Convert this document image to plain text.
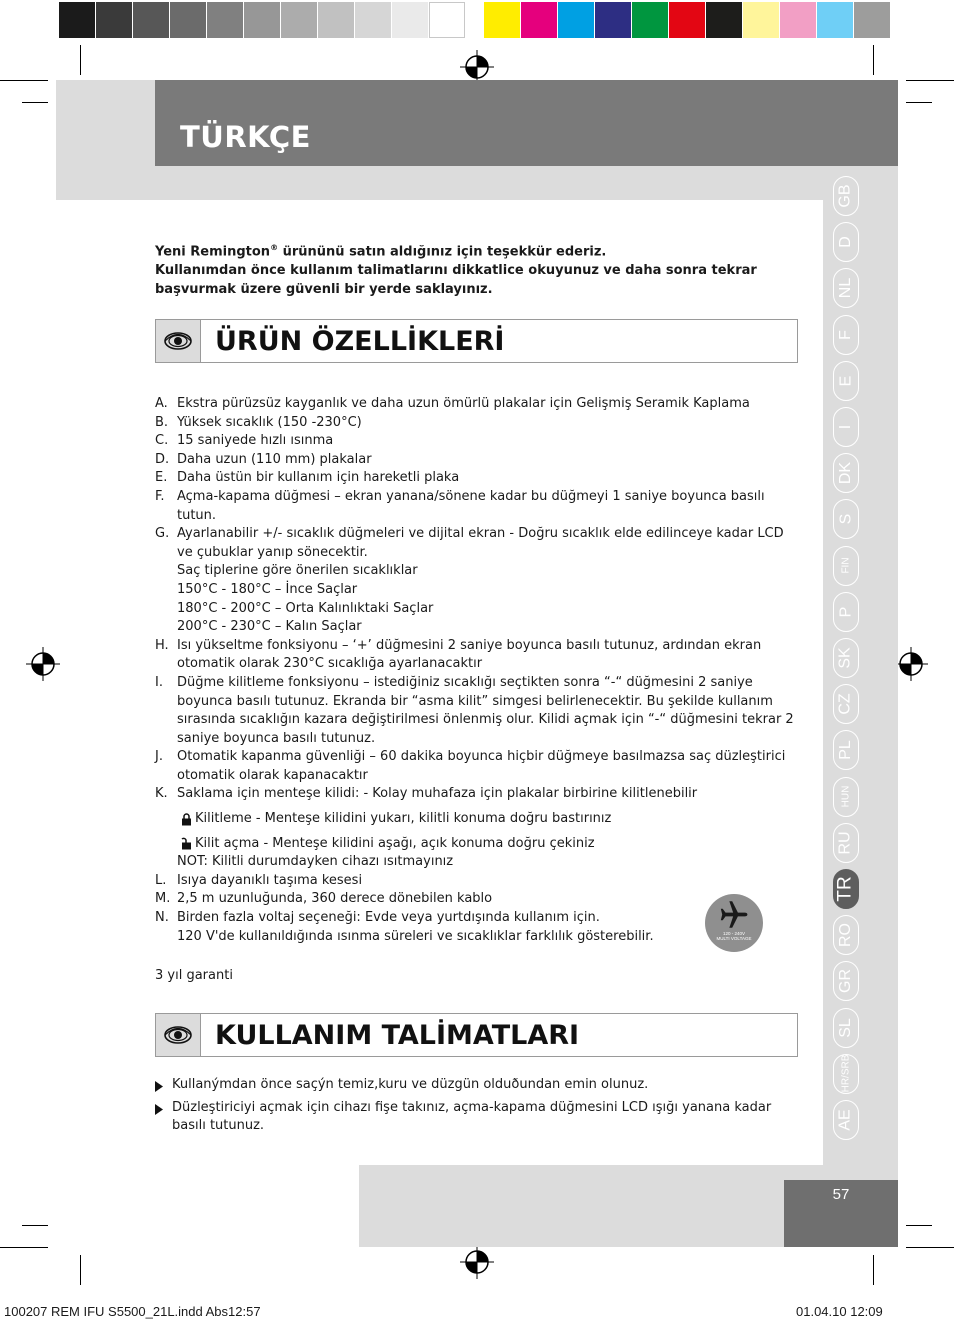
TÜRKÇE
57

Yeni Remington® ürününü satın aldığınız için teşekkür ederiz.

Kullanımdan önce kullanım talimatlarını dikkatlice okuyunuz ve daha sonra tekrar başvurmak üzere güvenli bir yerde saklayınız.

ÜRÜN ÖZELLİKLERİ
A. Ekstra pürüzsüz kayganlık ve daha uzun ömürlü plakalar için Gelişmiş Seramik Kaplama
B. Yüksek sıcaklık (150 -230°C)
C. 15 saniyede hızlı ısınma
D. Daha uzun (110 mm) plakalar
E. Daha üstün bir kullanım için hareketli plaka
F. Açma-kapama düğmesi – ekran yanana/sönene kadar bu düğmeyi 1 saniye boyunca basılı tutun.
G. Ayarlanabilir +/- sıcaklık düğmeleri ve dijital ekran - Doğru sıcaklık elde edilinceye kadar LCD ve çubuklar yanıp sönecektir.
Saç tiplerine göre önerilen sıcaklıklar
150°C - 180°C – İnce Saçlar
180°C - 200°C – Orta Kalınlıktaki Saçlar
200°C - 230°C – Kalın Saçlar
H. Isı yükseltme fonksiyonu – ‘+’ düğmesini 2 saniye boyunca basılı tutunuz, ardından ekran otomatik olarak 230°C sıcaklığa ayarlanacaktır
I.	Düğme kilitleme fonksiyonu – istediğiniz sıcaklığı seçtikten sonra “-“ düğmesini 2 saniye boyunca basılı tutunuz. Ekranda bir “asma kilit” simgesi belirlenecektir. Bu şekilde kullanım sırasında sıcaklığın kazara değiştirilmesi önlenmiş olur. Kilidi açmak için “-“ düğmesini tekrar 2 saniye boyunca basılı tutunuz.
J.	Otomatik kapanma güvenliği – 60 dakika boyunca hiçbir düğmeye basılmazsa saç düzleştirici otomatik olarak kapanacaktır
K. Saklama için menteşe kilidi: - Kolay muhafaza için plakalar birbirine kilitlenebilir
Kilitleme - Menteşe kilidini yukarı, kilitli konuma doğru bastırınız
Kilit açma - Menteşe kilidini aşağı, açık konuma doğru çekiniz
NOT: Kilitli durumdayken cihazı ısıtmayınız
L. Isıya dayanıklı taşıma kesesi
M. 2,5 m uzunluğunda, 360 derece dönebilen kablo
N. Birden fazla voltaj seçeneği: Evde veya yurtdışında kullanım için.
120 V'de kullanıldığında ısınma süreleri ve sıcaklıklar farklılık gösterebilir.	120 - 240V
MULTI VOLTAGE
3 yıl garanti
KULLANIM TALİMATLARI
Kullanýmdan önce saçýn temiz,kuru ve düzgün olduðundan emin olunuz.
Düzleştiriciyi açmak için cihazı fişe takınız, açma-kapama düğmesini LCD ışığı yanana kadar basılı tutunuz.
100207 REM IFU S5500_21L.indd Abs12:57	01.04.10 12:09
GB
D
NL
F
E
I
DK
S
FIN
P
SK
CZ
PL
HUN
RU
TR
RO
GR
SL
HR/SRB
AE
